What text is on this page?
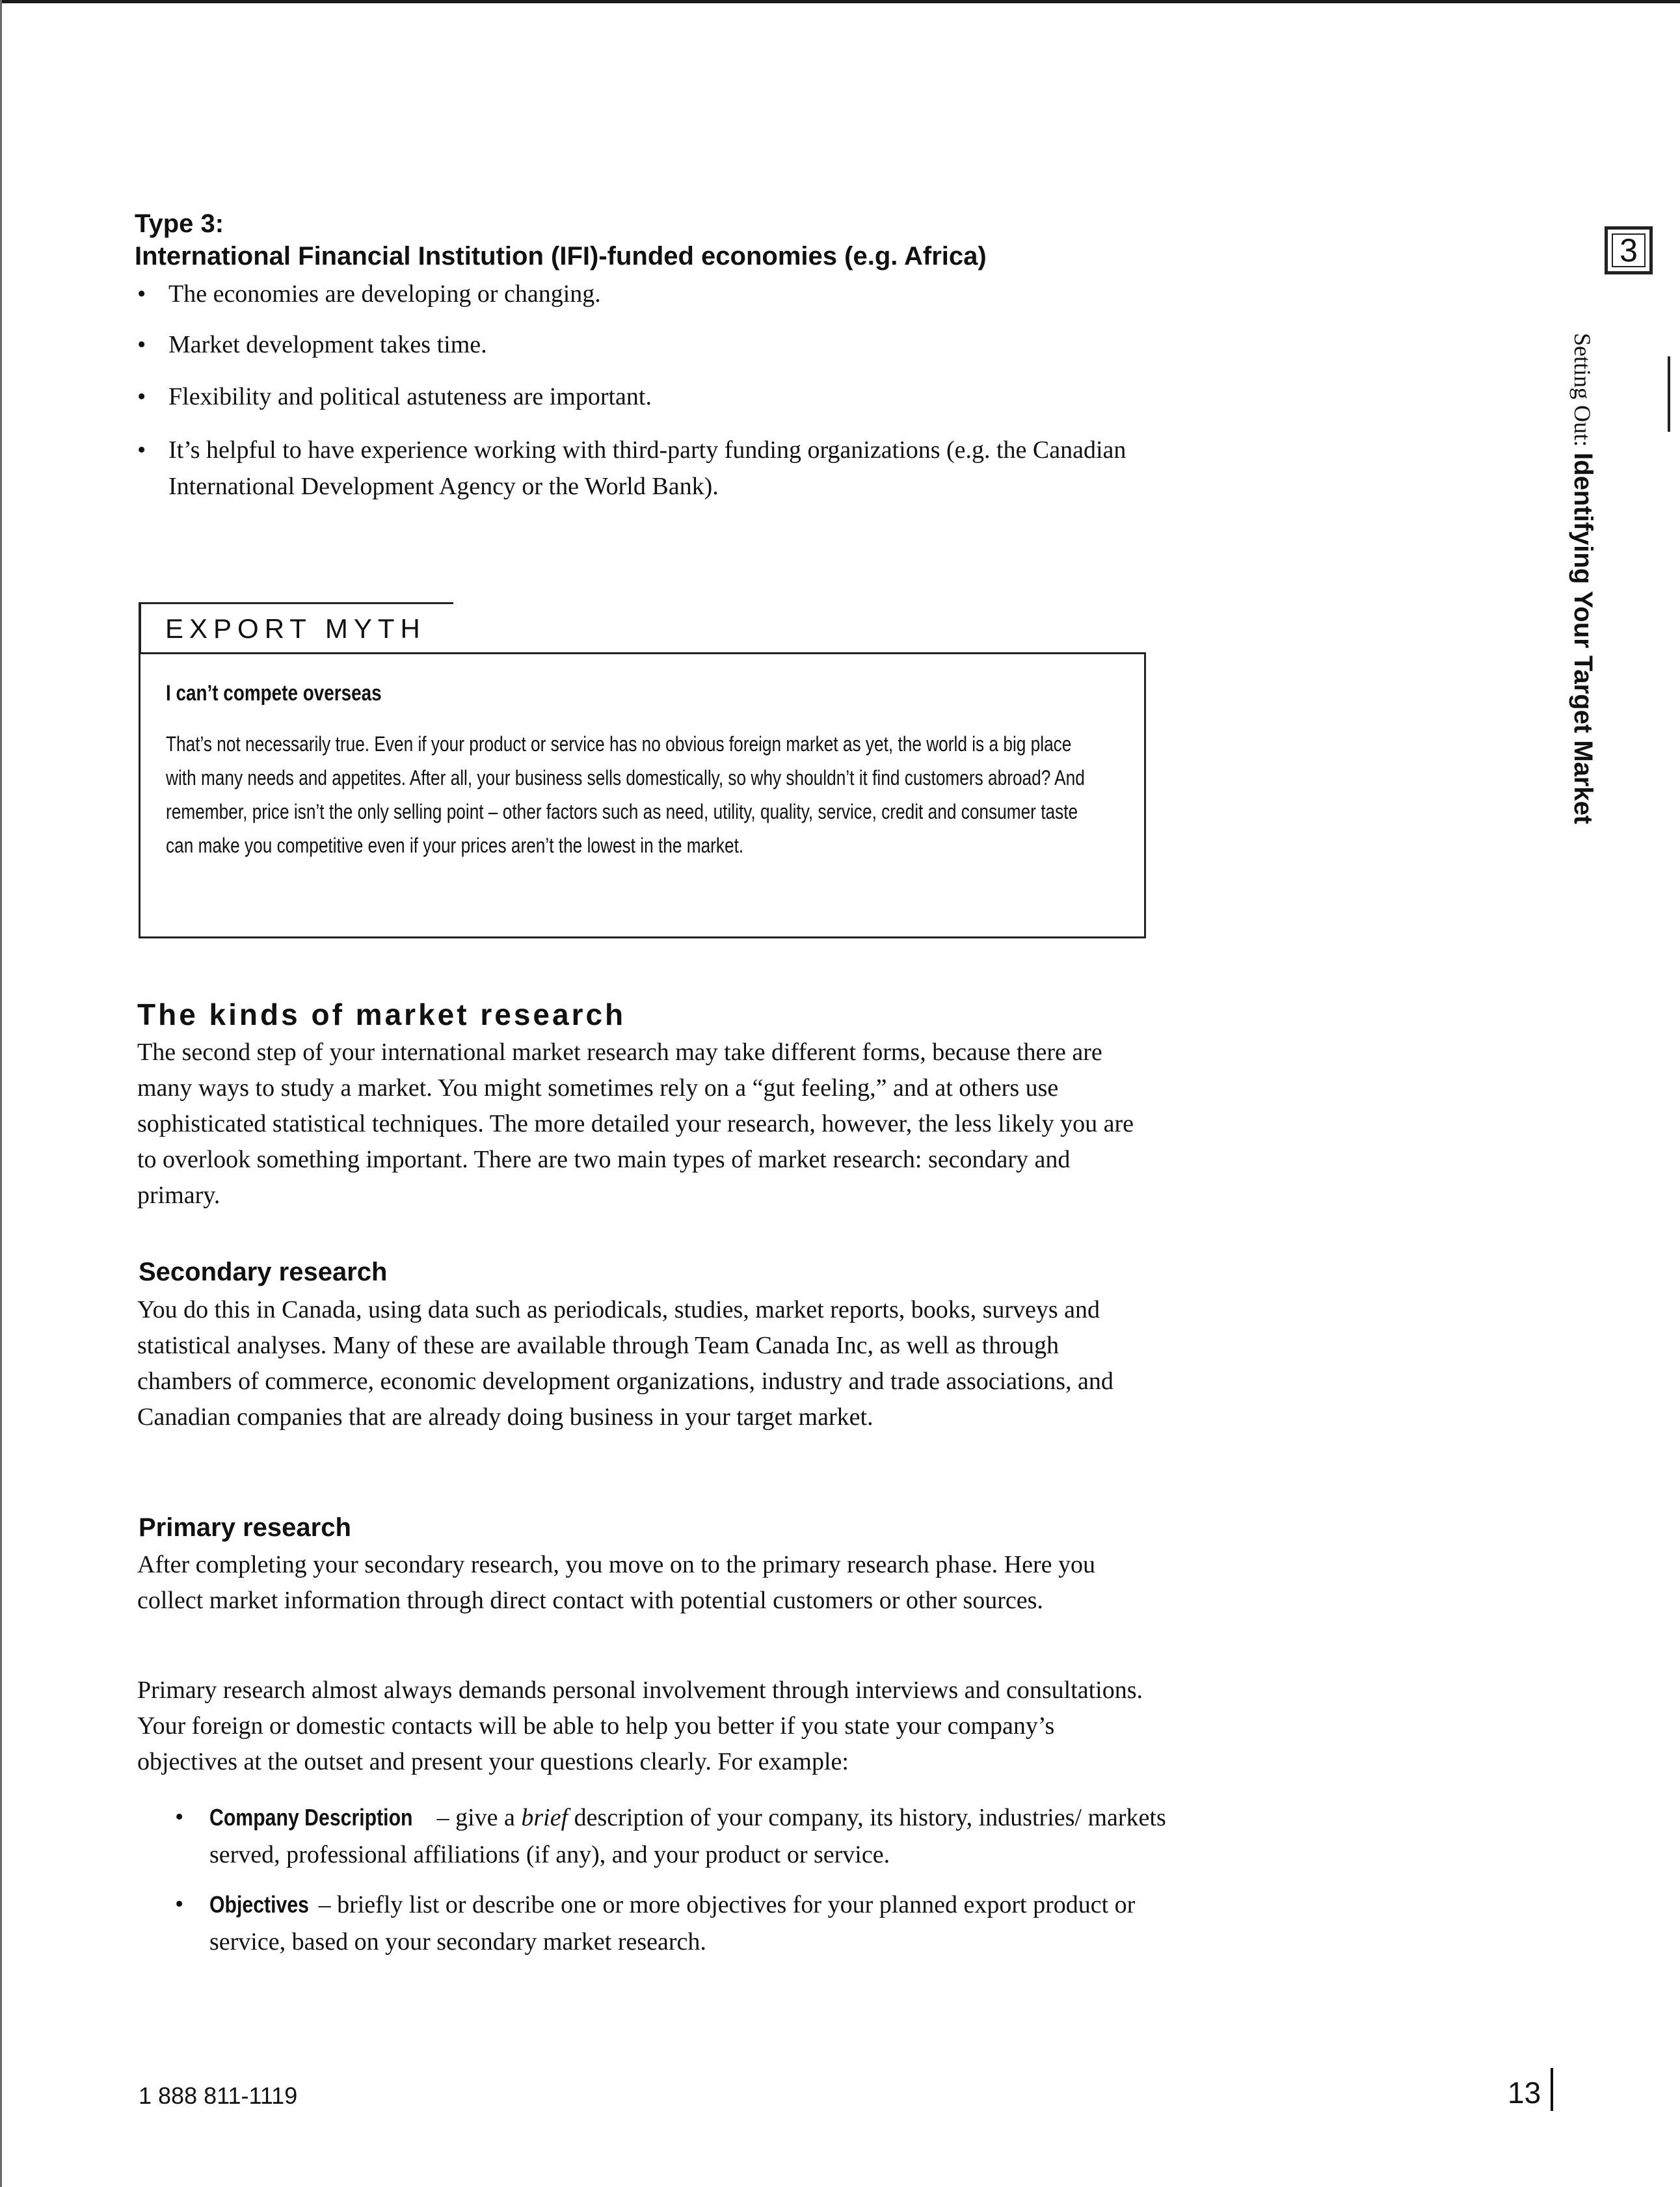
Type 3:
International Financial Institution (IFI)-funded economies (e.g. Africa)
• The economies are developing or changing.
• Market development takes time.
• Flexibility and political astuteness are important.
• It’s helpful to have experience working with third-party funding organizations (e.g. the Canadian International Development Agency or the World Bank).
EXPORT MYTH
I can’t compete overseas
That’s not necessarily true. Even if your product or service has no obvious foreign market as yet, the world is a big place with many needs and appetites. After all, your business sells domestically, so why shouldn’t it find customers abroad? And remember, price isn’t the only selling point – other factors such as need, utility, quality, service, credit and consumer taste can make you competitive even if your prices aren’t the lowest in the market.
The kinds of market research

The second step of your international market research may take different forms, because there are many ways to study a market. You might sometimes rely on a “gut feeling,” and at others use sophisticated statistical techniques. The more detailed your research, however, the less likely you are to overlook something important. There are two main types of market research: secondary and primary.

Secondary research

You do this in Canada, using data such as periodicals, studies, market reports, books, surveys and statistical analyses. Many of these are available through Team Canada Inc, as well as through chambers of commerce, economic development organizations, industry and trade associations, and Canadian companies that are already doing business in your target market.

Primary research

After completing your secondary research, you move on to the primary research phase. Here you collect market information through direct contact with potential customers or other sources.

Primary research almost always demands personal involvement through interviews and consultations. Your foreign or domestic contacts will be able to help you better if you state your company’s objectives at the outset and present your questions clearly. For example:

• Company Description – give a brief description of your company, its history, industries/ markets served, professional affiliations (if any), and your product or service.
• Objectives – briefly list or describe one or more objectives for your planned export product or service, based on your secondary market research.
1 888 811-1119	13
3
Setting Out: Identifying Your Target Market
